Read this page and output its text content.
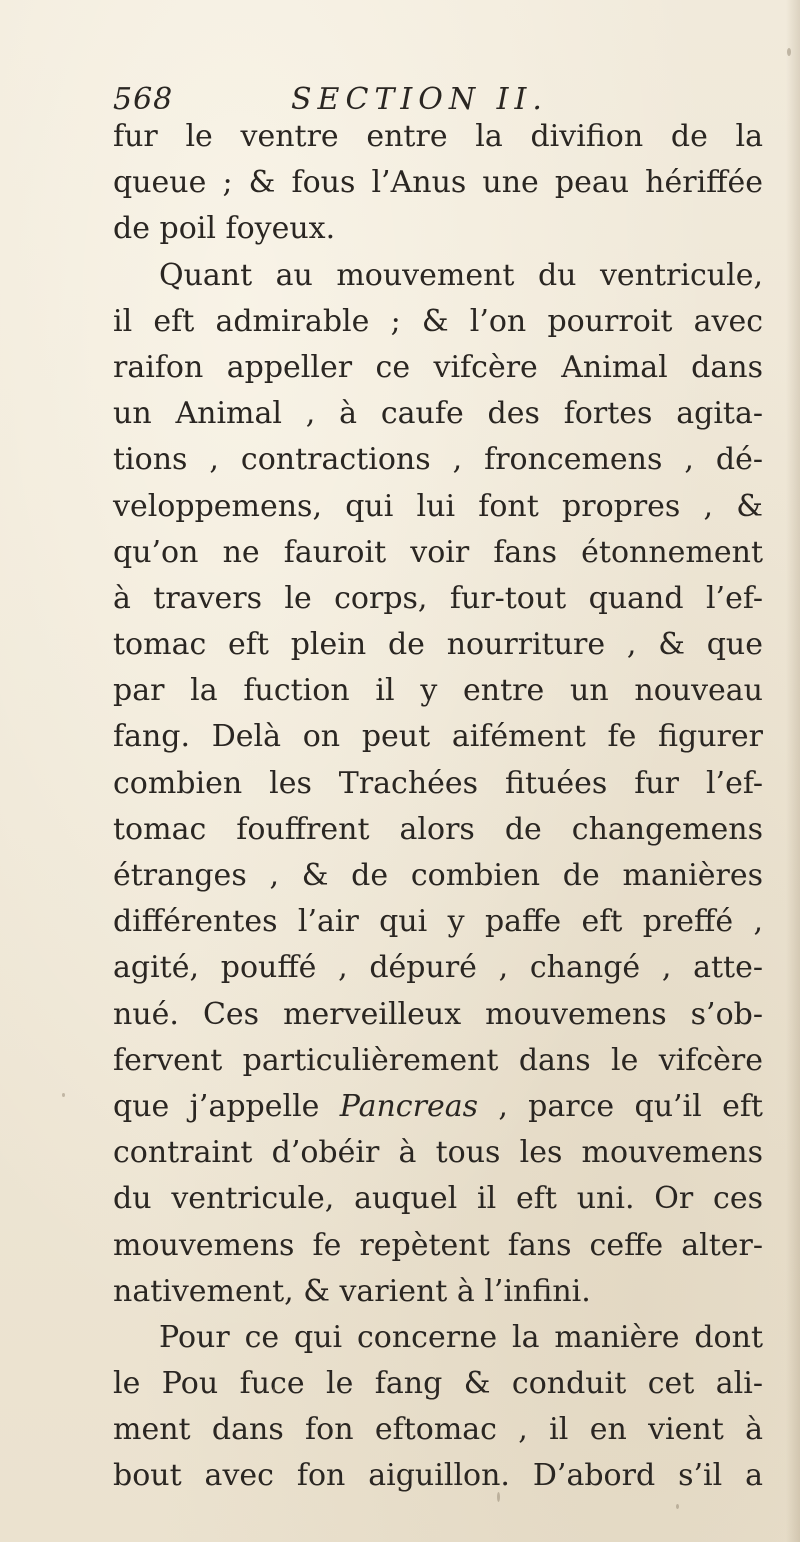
568	SECTION II.
fur le ventre entre la divifion de la
queue ; & fous l’Anus une peau hériffée
de poil foyeux.
Quant au mouvement du ventricule,
il eft admirable ; & l’on pourroit avec
raifon appeller ce vifcère Animal dans
un Animal , à caufe des fortes agita-
tions , contractions , froncemens , dé-
veloppemens, qui lui font propres , &
qu’on ne fauroit voir fans étonnement
à travers le corps, fur-tout quand l’ef-
tomac eft plein de nourriture , & que
par la fuction il y entre un nouveau
fang. Delà on peut aifément fe figurer
combien les Trachées fituées fur l’ef-
tomac fouffrent alors de changemens
étranges , & de combien de manières
différentes l’air qui y paffe eft preffé ,
agité, pouffé , dépuré , changé , atte-
nué. Ces merveilleux mouvemens s’ob-
fervent particulièrement dans le vifcère
que j’appelle Pancreas , parce qu’il eft
contraint d’obéir à tous les mouvemens
du ventricule, auquel il eft uni. Or ces
mouvemens fe repètent fans ceffe alter-
nativement, & varient à l’infini.
Pour ce qui concerne la manière dont
le Pou fuce le fang & conduit cet ali-
ment dans fon eftomac , il en vient à
bout avec fon aiguillon. D’abord s’il a
